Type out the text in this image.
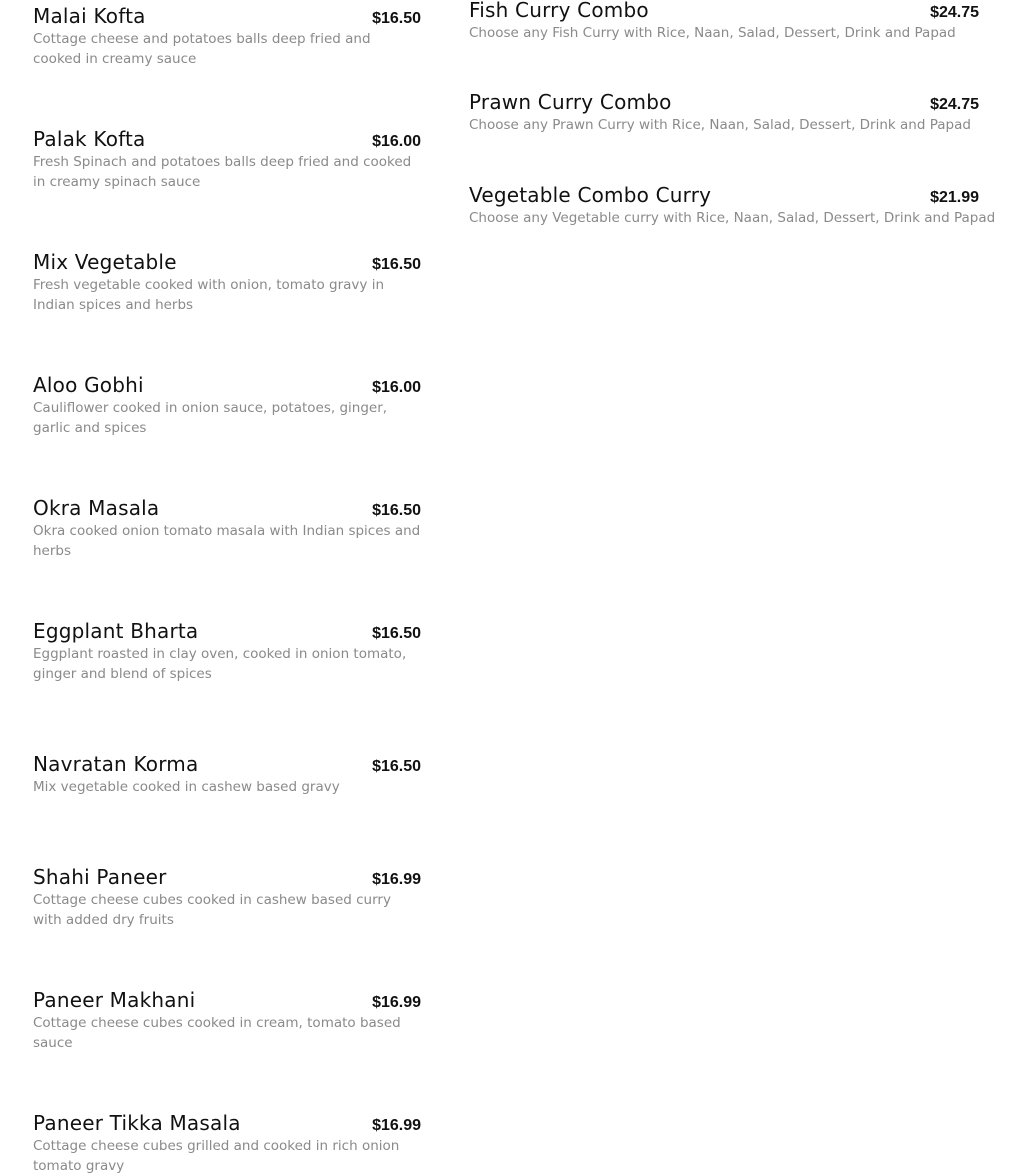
Malai Kofta	$16.50
Cottage cheese and potatoes balls deep fried and cooked in creamy sauce
Palak Kofta	$16.00
Fresh Spinach and potatoes balls deep fried and cooked in creamy spinach sauce
Mix Vegetable	$16.50
Fresh vegetable cooked with onion, tomato gravy in Indian spices and herbs
Aloo Gobhi	$16.00
Cauliflower cooked in onion sauce, potatoes, ginger, garlic and spices
Okra Masala	$16.50
Okra cooked onion tomato masala with Indian spices and herbs
Eggplant Bharta	$16.50
Eggplant roasted in clay oven, cooked in onion tomato, ginger and blend of spices
Navratan Korma	$16.50
Mix vegetable cooked in cashew based gravy
Shahi Paneer	$16.99
Cottage cheese cubes cooked in cashew based curry with added dry fruits
Paneer Makhani	$16.99
Cottage cheese cubes cooked in cream, tomato based sauce
Paneer Tikka Masala	$16.99
Cottage cheese cubes grilled and cooked in rich onion tomato gravy
Fish Curry Combo	$24.75
Choose any Fish Curry with Rice, Naan, Salad, Dessert, Drink and Papad
Prawn Curry Combo	$24.75
Choose any Prawn Curry with Rice, Naan, Salad, Dessert, Drink and Papad
Vegetable Combo Curry	$21.99
Choose any Vegetable curry with Rice, Naan, Salad, Dessert, Drink and Papad
